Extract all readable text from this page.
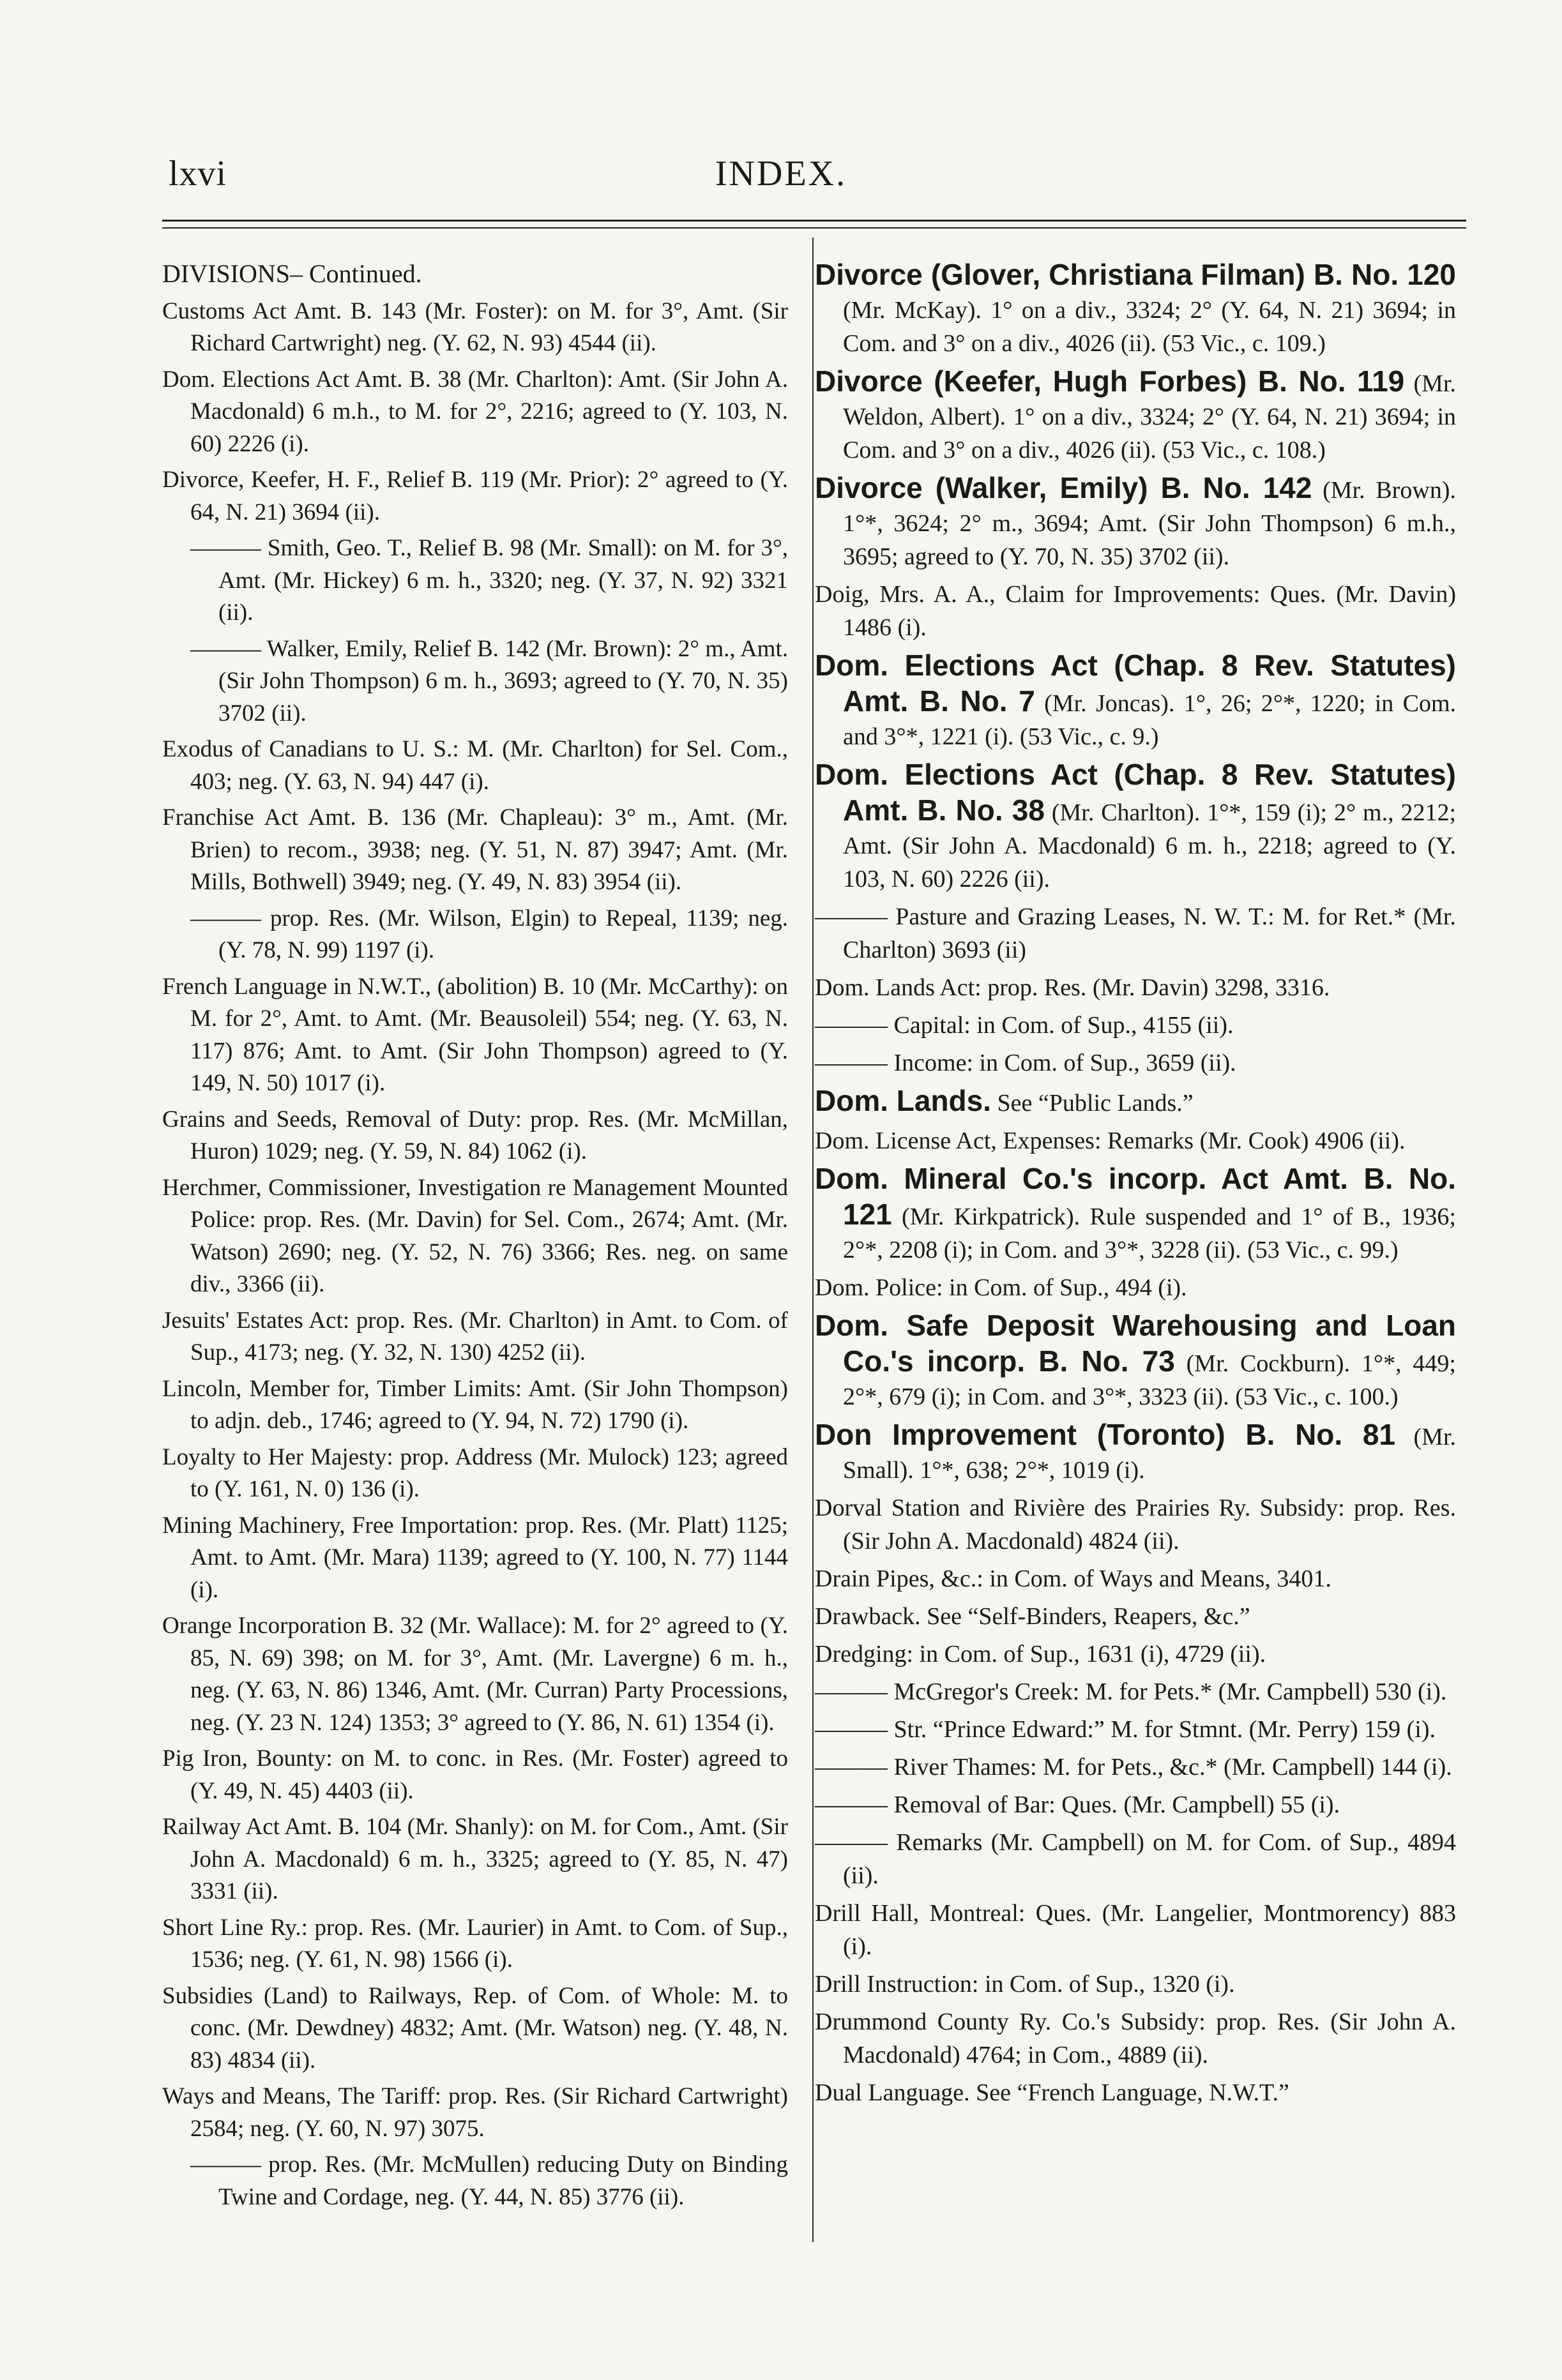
lxvi	INDEX.

DIVISIONS– Continued.

Customs Act Amt. B. 143 (Mr. Foster): on M. for 3°, Amt. (Sir Richard Cartwright) neg. (Y. 62, N. 93) 4544 (ii).

Dom. Elections Act Amt. B. 38 (Mr. Charlton): Amt. (Sir John A. Macdonald) 6 m.h., to M. for 2°, 2216; agreed to (Y. 103, N. 60) 2226 (i).

Divorce, Keefer, H. F., Relief B. 119 (Mr. Prior): 2° agreed to (Y. 64, N. 21) 3694 (ii).

——— Smith, Geo. T., Relief B. 98 (Mr. Small): on M. for 3°, Amt. (Mr. Hickey) 6 m. h., 3320; neg. (Y. 37, N. 92) 3321 (ii).

——— Walker, Emily, Relief B. 142 (Mr. Brown): 2° m., Amt. (Sir John Thompson) 6 m. h., 3693; agreed to (Y. 70, N. 35) 3702 (ii).

Exodus of Canadians to U. S.: M. (Mr. Charlton) for Sel. Com., 403; neg. (Y. 63, N. 94) 447 (i).

Franchise Act Amt. B. 136 (Mr. Chapleau): 3° m., Amt. (Mr. Brien) to recom., 3938; neg. (Y. 51, N. 87) 3947; Amt. (Mr. Mills, Bothwell) 3949; neg. (Y. 49, N. 83) 3954 (ii).

——— prop. Res. (Mr. Wilson, Elgin) to Repeal, 1139; neg. (Y. 78, N. 99) 1197 (i).

French Language in N.W.T., (abolition) B. 10 (Mr. McCarthy): on M. for 2°, Amt. to Amt. (Mr. Beausoleil) 554; neg. (Y. 63, N. 117) 876; Amt. to Amt. (Sir John Thompson) agreed to (Y. 149, N. 50) 1017 (i).

Grains and Seeds, Removal of Duty: prop. Res. (Mr. McMillan, Huron) 1029; neg. (Y. 59, N. 84) 1062 (i).

Herchmer, Commissioner, Investigation re Management Mounted Police: prop. Res. (Mr. Davin) for Sel. Com., 2674; Amt. (Mr. Watson) 2690; neg. (Y. 52, N. 76) 3366; Res. neg. on same div., 3366 (ii).

Jesuits' Estates Act: prop. Res. (Mr. Charlton) in Amt. to Com. of Sup., 4173; neg. (Y. 32, N. 130) 4252 (ii).

Lincoln, Member for, Timber Limits: Amt. (Sir John Thompson) to adjn. deb., 1746; agreed to (Y. 94, N. 72) 1790 (i).

Loyalty to Her Majesty: prop. Address (Mr. Mulock) 123; agreed to (Y. 161, N. 0) 136 (i).

Mining Machinery, Free Importation: prop. Res. (Mr. Platt) 1125; Amt. to Amt. (Mr. Mara) 1139; agreed to (Y. 100, N. 77) 1144 (i).

Orange Incorporation B. 32 (Mr. Wallace): M. for 2° agreed to (Y. 85, N. 69) 398; on M. for 3°, Amt. (Mr. Lavergne) 6 m. h., neg. (Y. 63, N. 86) 1346, Amt. (Mr. Curran) Party Processions, neg. (Y. 23 N. 124) 1353; 3° agreed to (Y. 86, N. 61) 1354 (i).

Pig Iron, Bounty: on M. to conc. in Res. (Mr. Foster) agreed to (Y. 49, N. 45) 4403 (ii).

Railway Act Amt. B. 104 (Mr. Shanly): on M. for Com., Amt. (Sir John A. Macdonald) 6 m. h., 3325; agreed to (Y. 85, N. 47) 3331 (ii).

Short Line Ry.: prop. Res. (Mr. Laurier) in Amt. to Com. of Sup., 1536; neg. (Y. 61, N. 98) 1566 (i).

Subsidies (Land) to Railways, Rep. of Com. of Whole: M. to conc. (Mr. Dewdney) 4832; Amt. (Mr. Watson) neg. (Y. 48, N. 83) 4834 (ii).

Ways and Means, The Tariff: prop. Res. (Sir Richard Cartwright) 2584; neg. (Y. 60, N. 97) 3075.

——— prop. Res. (Mr. McMullen) reducing Duty on Binding Twine and Cordage, neg. (Y. 44, N. 85) 3776 (ii).

Divorce (Glover, Christiana Filman) B. No. 120 (Mr. McKay). 1° on a div., 3324; 2° (Y. 64, N. 21) 3694; in Com. and 3° on a div., 4026 (ii). (53 Vic., c. 109.)

Divorce (Keefer, Hugh Forbes) B. No. 119 (Mr. Weldon, Albert). 1° on a div., 3324; 2° (Y. 64, N. 21) 3694; in Com. and 3° on a div., 4026 (ii). (53 Vic., c. 108.)

Divorce (Walker, Emily) B. No. 142 (Mr. Brown). 1°*, 3624; 2° m., 3694; Amt. (Sir John Thompson) 6 m.h., 3695; agreed to (Y. 70, N. 35) 3702 (ii).

Doig, Mrs. A. A., Claim for Improvements: Ques. (Mr. Davin) 1486 (i).

Dom. Elections Act (Chap. 8 Rev. Statutes) Amt. B. No. 7 (Mr. Joncas). 1°, 26; 2°*, 1220; in Com. and 3°*, 1221 (i). (53 Vic., c. 9.)

Dom. Elections Act (Chap. 8 Rev. Statutes) Amt. B. No. 38 (Mr. Charlton). 1°*, 159 (i); 2° m., 2212; Amt. (Sir John A. Macdonald) 6 m. h., 2218; agreed to (Y. 103, N. 60) 2226 (ii).

——— Pasture and Grazing Leases, N. W. T.: M. for Ret.* (Mr. Charlton) 3693 (ii)

Dom. Lands Act: prop. Res. (Mr. Davin) 3298, 3316.

——— Capital: in Com. of Sup., 4155 (ii).

——— Income: in Com. of Sup., 3659 (ii).

Dom. Lands. See “Public Lands.”

Dom. License Act, Expenses: Remarks (Mr. Cook) 4906 (ii).

Dom. Mineral Co.'s incorp. Act Amt. B. No. 121 (Mr. Kirkpatrick). Rule suspended and 1° of B., 1936; 2°*, 2208 (i); in Com. and 3°*, 3228 (ii). (53 Vic., c. 99.)

Dom. Police: in Com. of Sup., 494 (i).

Dom. Safe Deposit Warehousing and Loan Co.'s incorp. B. No. 73 (Mr. Cockburn). 1°*, 449; 2°*, 679 (i); in Com. and 3°*, 3323 (ii). (53 Vic., c. 100.)

Don Improvement (Toronto) B. No. 81 (Mr. Small). 1°*, 638; 2°*, 1019 (i).

Dorval Station and Rivière des Prairies Ry. Subsidy: prop. Res. (Sir John A. Macdonald) 4824 (ii).

Drain Pipes, &c.: in Com. of Ways and Means, 3401.

Drawback. See “Self-Binders, Reapers, &c.”

Dredging: in Com. of Sup., 1631 (i), 4729 (ii).

——— McGregor's Creek: M. for Pets.* (Mr. Campbell) 530 (i).

——— Str. “Prince Edward:” M. for Stmnt. (Mr. Perry) 159 (i).

——— River Thames: M. for Pets., &c.* (Mr. Campbell) 144 (i).

——— Removal of Bar: Ques. (Mr. Campbell) 55 (i).

——— Remarks (Mr. Campbell) on M. for Com. of Sup., 4894 (ii).

Drill Hall, Montreal: Ques. (Mr. Langelier, Montmorency) 883 (i).

Drill Instruction: in Com. of Sup., 1320 (i).

Drummond County Ry. Co.'s Subsidy: prop. Res. (Sir John A. Macdonald) 4764; in Com., 4889 (ii).

Dual Language. See “French Language, N.W.T.”
